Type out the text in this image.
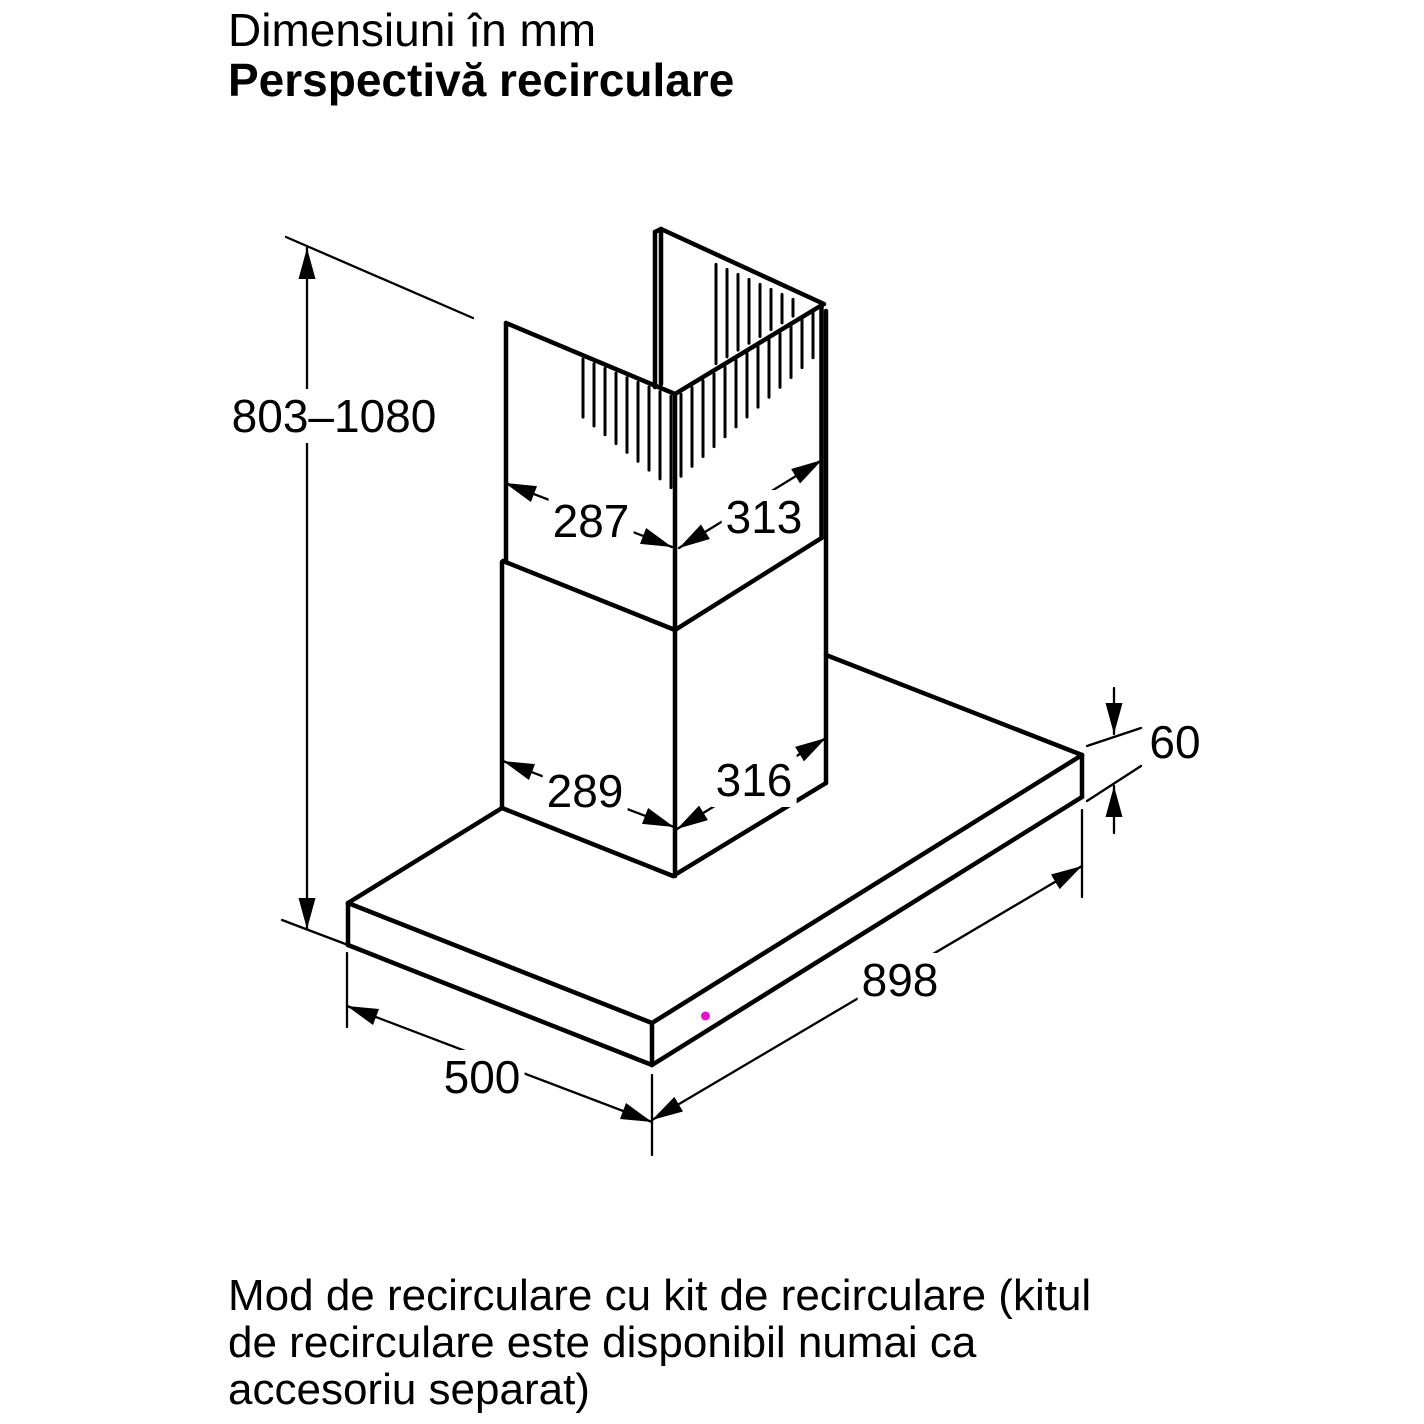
Dimensiuni în mm
Perspectivă recirculare
Mod de recirculare cu kit de recirculare (kitul
de recirculare este disponibil numai ca
accesoriu separat)
803–1080
287 313
289 316
60
898
500
